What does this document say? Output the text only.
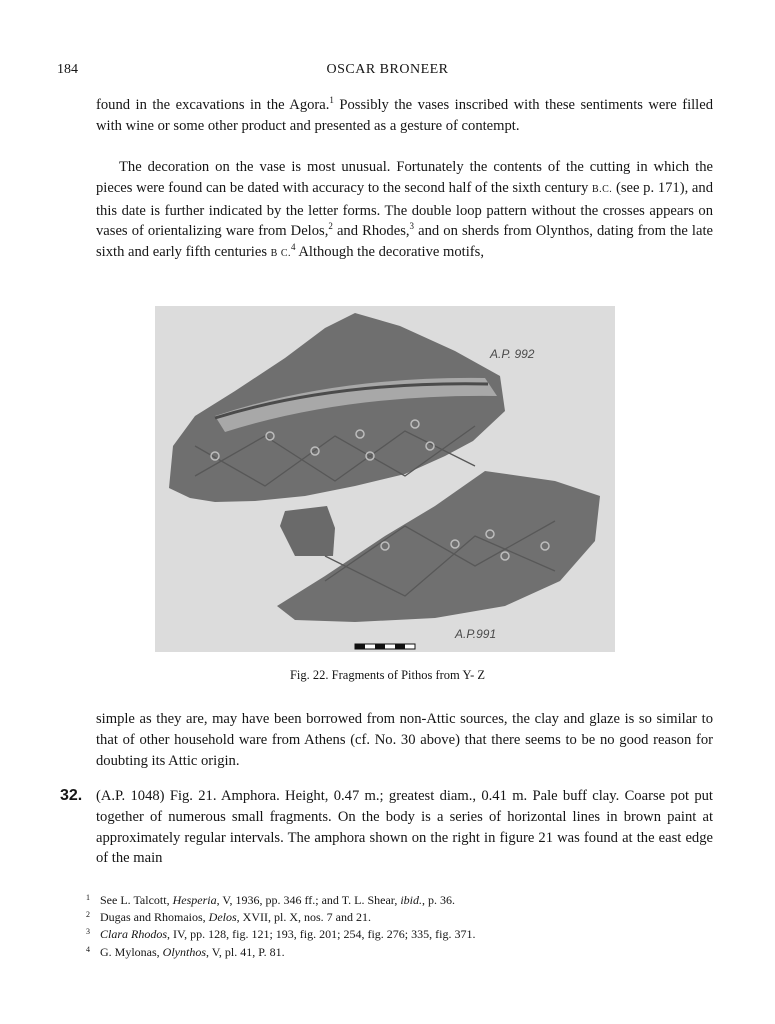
184	OSCAR BRONEER

found in the excavations in the Agora.$^1$ Possibly the vases inscribed with these sentiments were filled with wine or some other product and presented as a gesture of contempt.

The decoration on the vase is most unusual. Fortunately the contents of the cutting in which the pieces were found can be dated with accuracy to the second half of the sixth century B.C. (see p. 171), and this date is further indicated by the letter forms. The double loop pattern without the crosses appears on vases of orientalizing ware from Delos,$^2$ and Rhodes,$^3$ and on sherds from Olynthos, dating from the late sixth and early fifth centuries B C.$^4$ Although the decorative motifs,

A.P. 992
A.P.991
Fig. 22. Fragments of Pithos from Y- Z

simple as they are, may have been borrowed from non-Attic sources, the clay and glaze is so similar to that of other household ware from Athens (cf. No. 30 above) that there seems to be no good reason for doubting its Attic origin.

32. (A.P. 1048) Fig. 21. Amphora. Height, 0.47 m.; greatest diam., 0.41 m. Pale buff clay. Coarse pot put together of numerous small fragments. On the body is a series of horizontal lines in brown paint at approximately regular intervals. The amphora shown on the right in figure 21 was found at the east edge of the main

1 See L. Talcott, Hesperia, V, 1936, pp. 346 ff.; and T. L. Shear, ibid., p. 36.
2 Dugas and Rhomaios, Delos, XVII, pl. X, nos. 7 and 21.
3 Clara Rhodos, IV, pp. 128, fig. 121; 193, fig. 201; 254, fig. 276; 335, fig. 371.
4 G. Mylonas, Olynthos, V, pl. 41, P. 81.
